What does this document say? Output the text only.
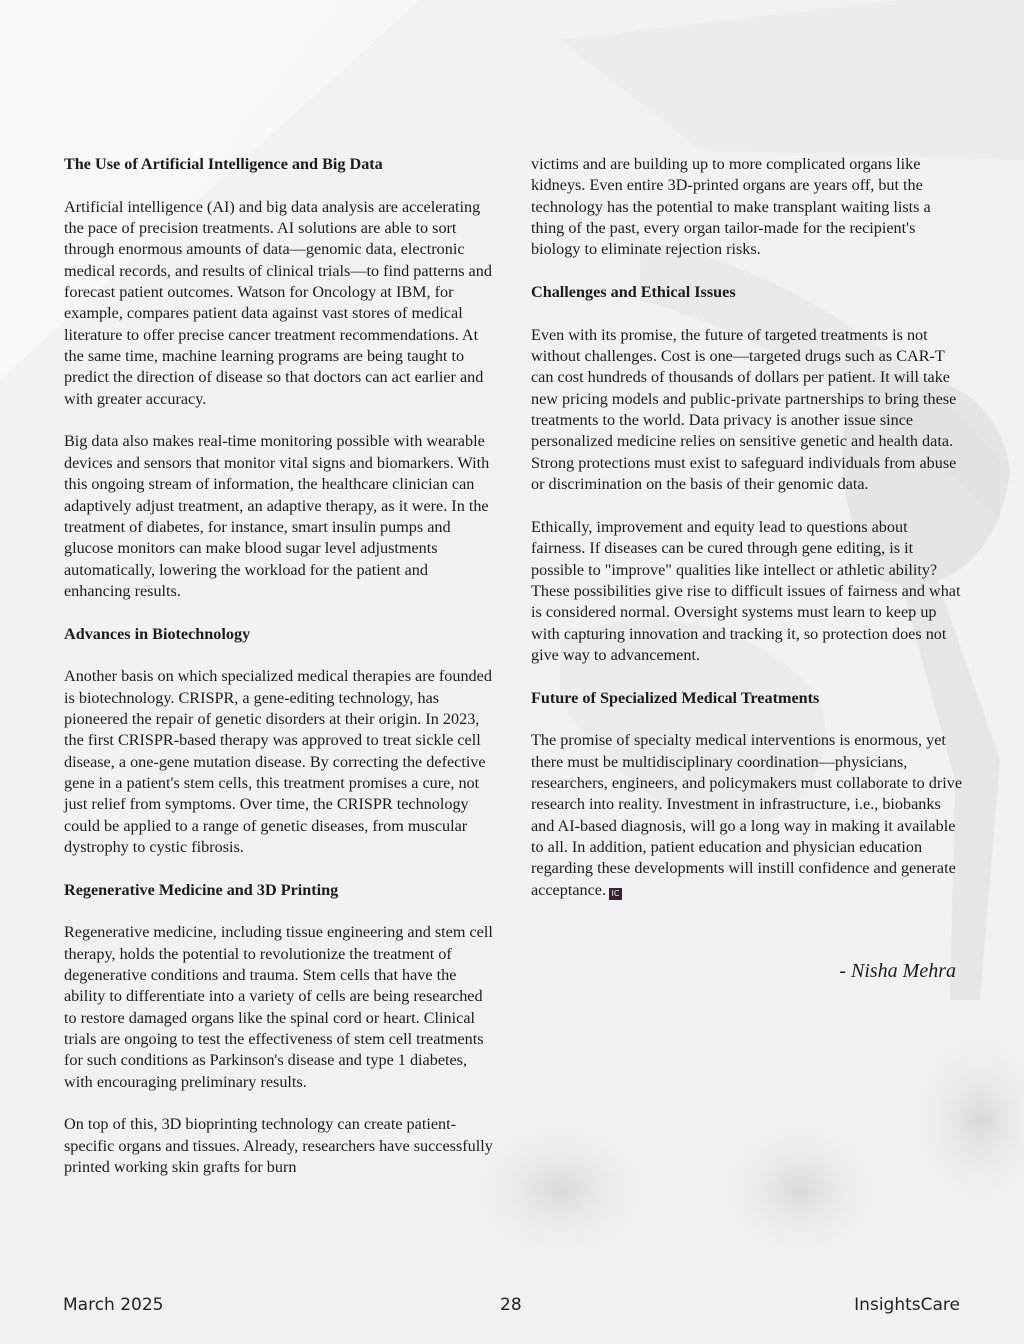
The Use of Artificial Intelligence and Big Data

Artificial intelligence (AI) and big data analysis are accelerating the pace of precision treatments. AI solutions are able to sort through enormous amounts of data—genomic data, electronic medical records, and results of clinical trials—to find patterns and forecast patient outcomes. Watson for Oncology at IBM, for example, compares patient data against vast stores of medical literature to offer precise cancer treatment recommendations. At the same time, machine learning programs are being taught to predict the direction of disease so that doctors can act earlier and with greater accuracy.

Big data also makes real-time monitoring possible with wearable devices and sensors that monitor vital signs and biomarkers. With this ongoing stream of information, the healthcare clinician can adaptively adjust treatment, an adaptive therapy, as it were. In the treatment of diabetes, for instance, smart insulin pumps and glucose monitors can make blood sugar level adjustments automatically, lowering the workload for the patient and enhancing results.

Advances in Biotechnology

Another basis on which specialized medical therapies are founded is biotechnology. CRISPR, a gene-editing technology, has pioneered the repair of genetic disorders at their origin. In 2023, the first CRISPR-based therapy was approved to treat sickle cell disease, a one-gene mutation disease. By correcting the defective gene in a patient's stem cells, this treatment promises a cure, not just relief from symptoms. Over time, the CRISPR technology could be applied to a range of genetic diseases, from muscular dystrophy to cystic fibrosis.

Regenerative Medicine and 3D Printing

Regenerative medicine, including tissue engineering and stem cell therapy, holds the potential to revolutionize the treatment of degenerative conditions and trauma. Stem cells that have the ability to differentiate into a variety of cells are being researched to restore damaged organs like the spinal cord or heart. Clinical trials are ongoing to test the effectiveness of stem cell treatments for such conditions as Parkinson's disease and type 1 diabetes, with encouraging preliminary results.

On top of this, 3D bioprinting technology can create patient-specific organs and tissues. Already, researchers have successfully printed working skin grafts for burn

victims and are building up to more complicated organs like kidneys. Even entire 3D-printed organs are years off, but the technology has the potential to make transplant waiting lists a thing of the past, every organ tailor-made for the recipient's biology to eliminate rejection risks.

Challenges and Ethical Issues

Even with its promise, the future of targeted treatments is not without challenges. Cost is one—targeted drugs such as CAR-T can cost hundreds of thousands of dollars per patient. It will take new pricing models and public-private partnerships to bring these treatments to the world. Data privacy is another issue since personalized medicine relies on sensitive genetic and health data. Strong protections must exist to safeguard individuals from abuse or discrimination on the basis of their genomic data.

Ethically, improvement and equity lead to questions about fairness. If diseases can be cured through gene editing, is it possible to "improve" qualities like intellect or athletic ability? These possibilities give rise to difficult issues of fairness and what is considered normal. Oversight systems must learn to keep up with capturing innovation and tracking it, so protection does not give way to advancement.

Future of Specialized Medical Treatments

The promise of specialty medical interventions is enormous, yet there must be multidisciplinary coordination—physicians, researchers, engineers, and policymakers must collaborate to drive research into reality. Investment in infrastructure, i.e., biobanks and AI-based diagnosis, will go a long way in making it available to all. In addition, patient education and physician education regarding these developments will instill confidence and generate acceptance. IC

- Nisha Mehra
March 2025	28	InsightsCare
